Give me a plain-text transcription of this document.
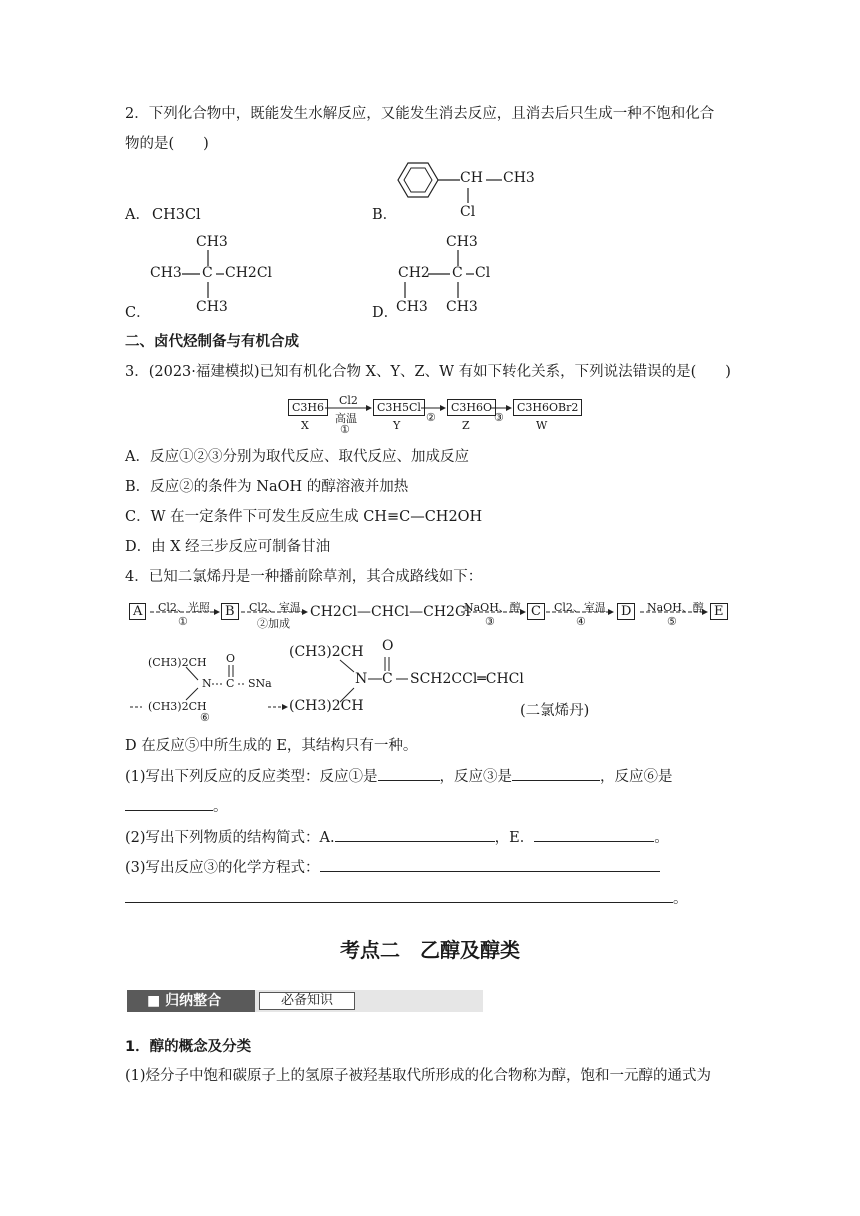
2．下列化合物中，既能发生水解反应，又能发生消去反应，且消去后只生成一种不饱和化合
物的是(　　)
A． CH3Cl	B．
CH CH3
Cl
C．
CH3
CH3 C CH2Cl
CH3	D．
CH3
CH2 C Cl
CH3 CH3
二、卤代烃制备与有机合成
3．(2023·福建模拟)已知有机化合物 X、Y、Z、W 有如下转化关系，下列说法错误的是(　　)
C3H6	C3H5Cl	C3H6O	C3H6OBr2
Cl2
高温
①
②	③
X	Y	Z	W
A．反应①②③分别为取代反应、取代反应、加成反应
B．反应②的条件为 NaOH 的醇溶液并加热
C．W 在一定条件下可发生反应生成 CH≡C—CH2OH
D．由 X 经三步反应可制备甘油
4．已知二氯烯丹是一种播前除草剂，其合成路线如下：
A	B	C	D	E
Cl2、光照
①
Cl2、室温
②加成
CH2Cl—CHCl—CH2Cl
NaOH、醇
③
Cl2、室温
④
NaOH、醇
⑤
(CH3)2CH
(CH3)2CH
N C
O
SNa
⑥
(CH3)2CH
(CH3)2CH
N C
O
SCH2CCl═CHCl
(二氯烯丹)
D 在反应⑤中所生成的 E，其结构只有一种。
(1)写出下列反应的反应类型：反应①是	，反应③是	，反应⑥是
。
(2)写出下列物质的结构简式：A.	，E．	。
(3)写出反应③的化学方程式：
。
考点二　乙醇及醇类
■ 归纳整合	必备知识
1．醇的概念及分类
(1)烃分子中饱和碳原子上的氢原子被羟基取代所形成的化合物称为醇，饱和一元醇的通式为
